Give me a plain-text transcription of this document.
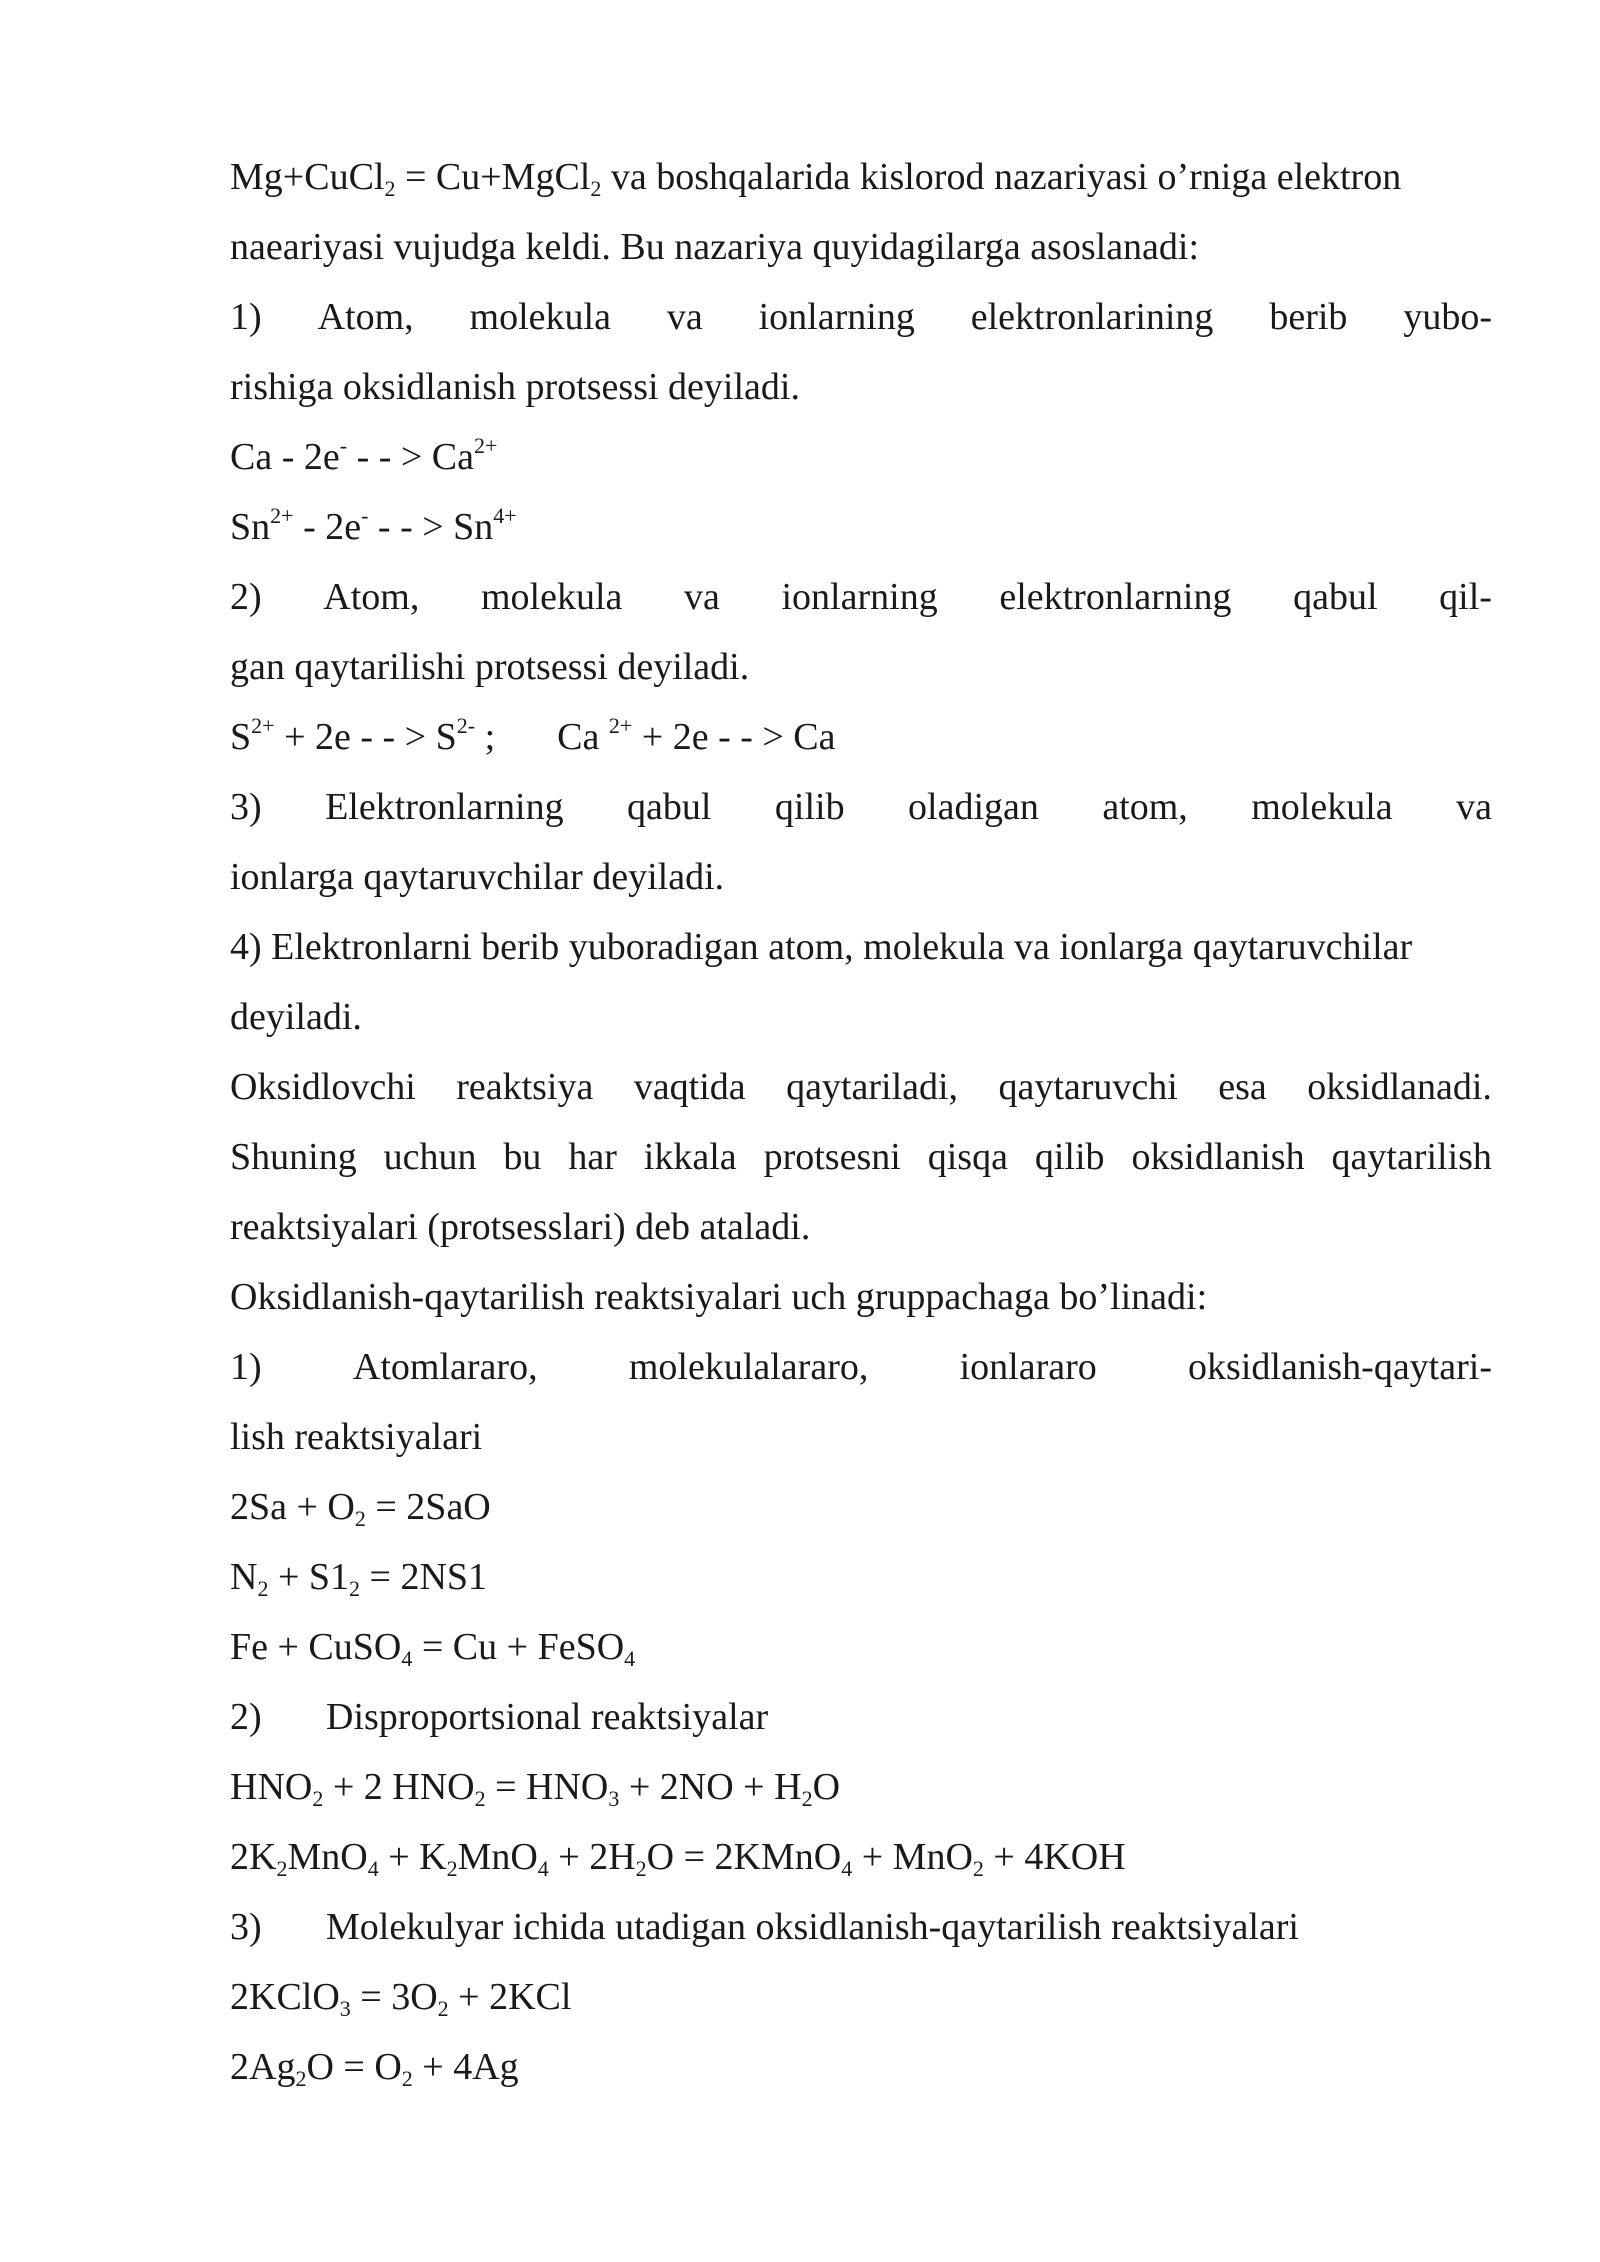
Mg+CuCl$_2$ = Cu+MgCl$_2$ va boshqalarida kislorod nazariyasi o’rniga elektron
naeariyasi vujudga keldi. Bu nazariya quyidagilarga asoslanadi:
1) Atom, molekula va ionlarning elektronlarining berib yubo-
rishiga oksidlanish protsessi deyiladi.
Ca - 2e- - - > $Ca^{2+}$
$Sn^{2+} - 2e^-$ - - > $Sn^{4+}$
2) Atom, molekula va ionlarning elektronlarning qabul qil-
gan qaytarilishi protsessi deyiladi.
$S^{2+} + 2e$ - - > $S^{2-}$ ; Ca $^{2+}$ + 2e - - > Ca
3) Elektronlarning qabul qilib oladigan atom, molekula va
ionlarga qaytaruvchilar deyiladi.
4) Elektronlarni berib yuboradigan atom, molekula va ionlarga qaytaruvchilar
deyiladi.
Oksidlovchi reaktsiya vaqtida qaytariladi, qaytaruvchi esa oksidlanadi.
Shuning uchun bu har ikkala protsesni qisqa qilib oksidlanish qaytarilish
reaktsiyalari (protsesslari) deb ataladi.
Oksidlanish-qaytarilish reaktsiyalari uch gruppachaga bo’linadi:
1) Atomlararo, molekulalararo, ionlararo oksidlanish-qaytari-
lish reaktsiyalari
$2Sa + O_2 = 2SaO$
$N_2 + S1_2 = 2NS1$
Fe + CuSO$_4$ = Cu + FeSO$_4$
2) Disproportsional reaktsiyalar
$HNO_2 + 2$ $HNO_2 = HNO_3 + 2NO + H_2O$
$2K_2MnO_4 + K_2MnO_4 + 2H_2O$ = 2KMnO$_4$ + MnO$_2$ + 4KOH
3) Molekulyar ichida utadigan oksidlanish-qaytarilish reaktsiyalari
2KClO$_3$ = $3O_2 + 2KCl$
$2Ag_2O = O_2 + 4Ag$
